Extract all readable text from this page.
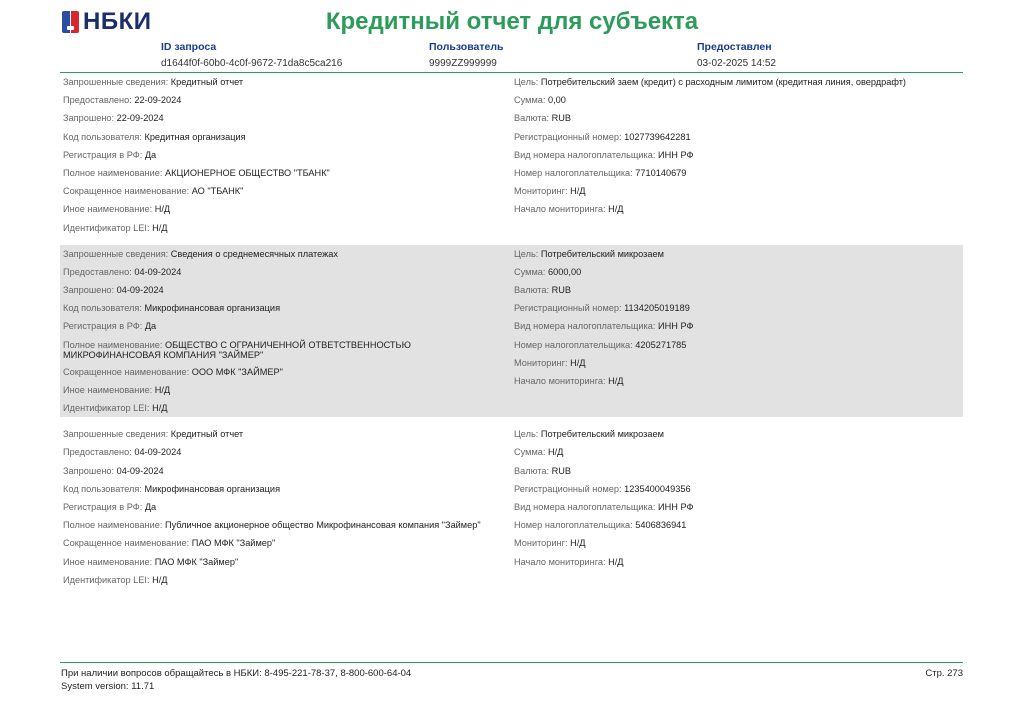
НБКИ	Кредитный отчет для субъекта
ID запроса
d1644f0f-60b0-4c0f-9672-71da8c5ca216
Пользователь
9999ZZ999999
Предоставлен
03-02-2025 14:52
Запрошенные сведения: Кредитный отчет
Предоставлено: 22-09-2024
Запрошено: 22-09-2024
Код пользователя: Кредитная организация
Регистрация в РФ: Да
Полное наименование: АКЦИОНЕРНОЕ ОБЩЕСТВО "ТБАНК"
Сокращенное наименование: АО "ТБАНК"
Иное наименование: Н/Д
Идентификатор LEI: Н/Д
Цель: Потребительский заем (кредит) с расходным лимитом (кредитная линия, овердрафт)
Сумма: 0,00
Валюта: RUB
Регистрационный номер: 1027739642281
Вид номера налогоплательщика: ИНН РФ
Номер налогоплательщика: 7710140679
Мониторинг: Н/Д
Начало мониторинга: Н/Д
Запрошенные сведения: Сведения о среднемесячных платежах
Предоставлено: 04-09-2024
Запрошено: 04-09-2024
Код пользователя: Микрофинансовая организация
Регистрация в РФ: Да
Полное наименование: ОБЩЕСТВО С ОГРАНИЧЕННОЙ ОТВЕТСТВЕННОСТЬЮ МИКРОФИНАНСОВАЯ КОМПАНИЯ "ЗАЙМЕР"
Сокращенное наименование: ООО МФК "ЗАЙМЕР"
Иное наименование: Н/Д
Идентификатор LEI: Н/Д
Цель: Потребительский микрозаем
Сумма: 6000,00
Валюта: RUB
Регистрационный номер: 1134205019189
Вид номера налогоплательщика: ИНН РФ
Номер налогоплательщика: 4205271785
Мониторинг: Н/Д
Начало мониторинга: Н/Д
Запрошенные сведения: Кредитный отчет
Предоставлено: 04-09-2024
Запрошено: 04-09-2024
Код пользователя: Микрофинансовая организация
Регистрация в РФ: Да
Полное наименование: Публичное акционерное общество Микрофинансовая компания "Займер"
Сокращенное наименование: ПАО МФК "Займер"
Иное наименование: ПАО МФК "Займер"
Идентификатор LEI: Н/Д
Цель: Потребительский микрозаем
Сумма: Н/Д
Валюта: RUB
Регистрационный номер: 1235400049356
Вид номера налогоплательщика: ИНН РФ
Номер налогоплательщика: 5406836941
Мониторинг: Н/Д
Начало мониторинга: Н/Д
При наличии вопросов обращайтесь в НБКИ: 8-495-221-78-37, 8-800-600-64-04
System version: 11.71
Стр. 273
